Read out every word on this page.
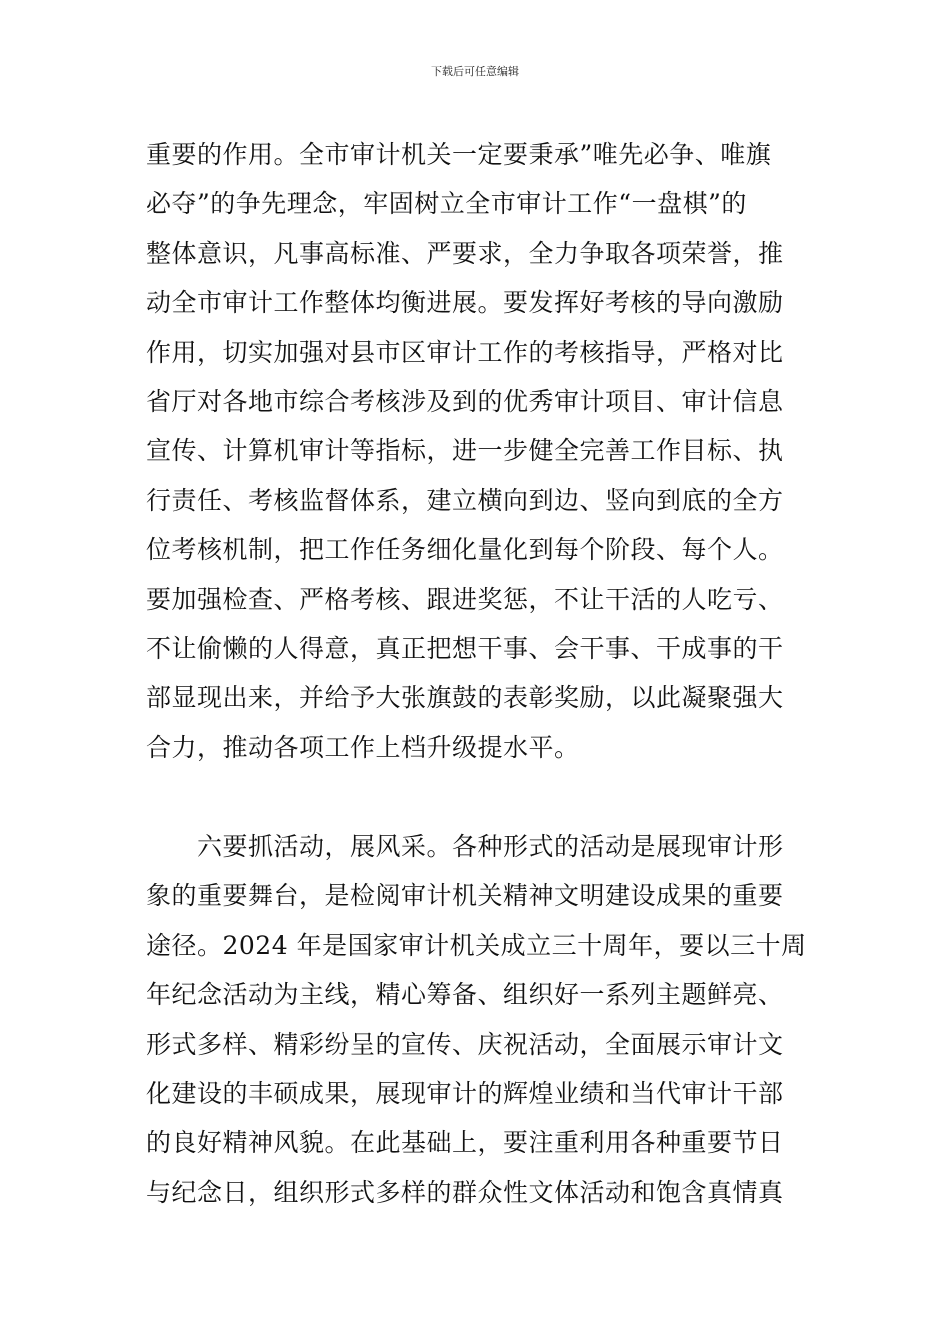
下载后可任意编辑
重要的作用。全市审计机关一定要秉承”唯先必争、唯旗
必夺”的争先理念，牢固树立全市审计工作“一盘棋”的
整体意识，凡事高标准、严要求，全力争取各项荣誉，推
动全市审计工作整体均衡进展。要发挥好考核的导向激励
作用，切实加强对县市区审计工作的考核指导，严格对比
省厅对各地市综合考核涉及到的优秀审计项目、审计信息
宣传、计算机审计等指标，进一步健全完善工作目标、执
行责任、考核监督体系，建立横向到边、竖向到底的全方
位考核机制，把工作任务细化量化到每个阶段、每个人。
要加强检查、严格考核、跟进奖惩，不让干活的人吃亏、
不让偷懒的人得意，真正把想干事、会干事、干成事的干
部显现出来，并给予大张旗鼓的表彰奖励，以此凝聚强大
合力，推动各项工作上档升级提水平。
　　六要抓活动，展风采。各种形式的活动是展现审计形
象的重要舞台，是检阅审计机关精神文明建设成果的重要
途径。2024 年是国家审计机关成立三十周年，要以三十周
年纪念活动为主线，精心筹备、组织好一系列主题鲜亮、
形式多样、精彩纷呈的宣传、庆祝活动，全面展示审计文
化建设的丰硕成果，展现审计的辉煌业绩和当代审计干部
的良好精神风貌。在此基础上，要注重利用各种重要节日
与纪念日，组织形式多样的群众性文体活动和饱含真情真
